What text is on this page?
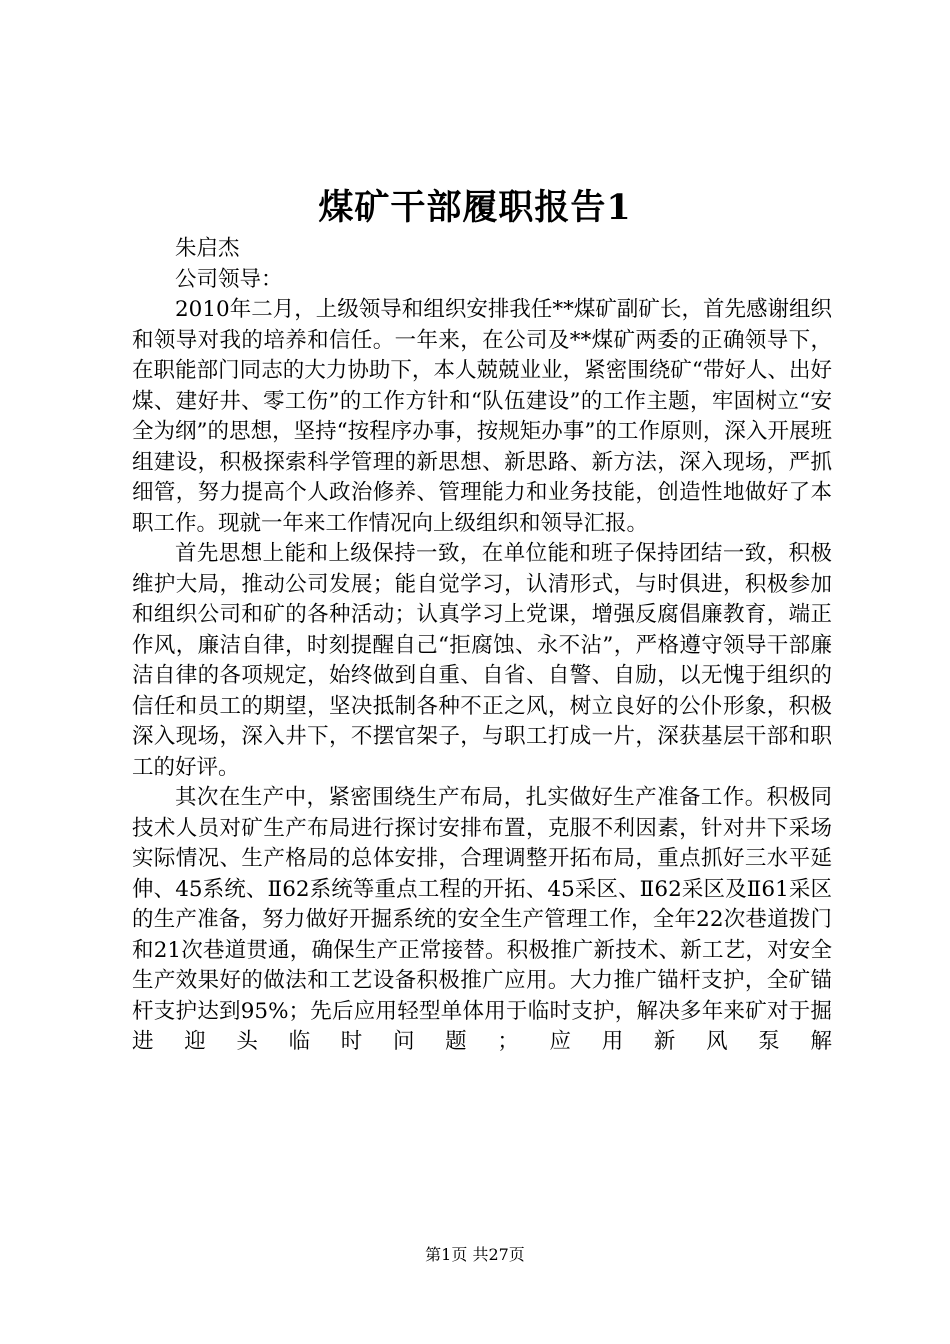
煤矿干部履职报告1

朱启杰

公司领导：

2010年二月，上级领导和组织安排我任**煤矿副矿长，首先感谢组织和领导对我的培养和信任。一年来，在公司及**煤矿两委的正确领导下，在职能部门同志的大力协助下，本人兢兢业业，紧密围绕矿“带好人、出好煤、建好井、零工伤”的工作方针和“队伍建设”的工作主题，牢固树立“安全为纲”的思想，坚持“按程序办事，按规矩办事”的工作原则，深入开展班组建设，积极探索科学管理的新思想、新思路、新方法，深入现场，严抓细管，努力提高个人政治修养、管理能力和业务技能，创造性地做好了本职工作。现就一年来工作情况向上级组织和领导汇报。

首先思想上能和上级保持一致，在单位能和班子保持团结一致，积极维护大局，推动公司发展；能自觉学习，认清形式，与时俱进，积极参加和组织公司和矿的各种活动；认真学习上党课，增强反腐倡廉教育，端正作风，廉洁自律，时刻提醒自己“拒腐蚀、永不沾”，严格遵守领导干部廉洁自律的各项规定，始终做到自重、自省、自警、自励，以无愧于组织的信任和员工的期望，坚决抵制各种不正之风，树立良好的公仆形象，积极深入现场，深入井下，不摆官架子，与职工打成一片，深获基层干部和职工的好评。

其次在生产中，紧密围绕生产布局，扎实做好生产准备工作。积极同技术人员对矿生产布局进行探讨安排布置，克服不利因素，针对井下采场实际情况、生产格局的总体安排，合理调整开拓布局，重点抓好三水平延伸、45系统、Ⅱ62系统等重点工程的开拓、45采区、Ⅱ62采区及Ⅱ61采区的生产准备，努力做好开掘系统的安全生产管理工作，全年22次巷道拨门和21次巷道贯通，确保生产正常接替。积极推广新技术、新工艺，对安全生产效果好的做法和工艺设备积极推广应用。大力推广锚杆支护，全矿锚杆支护达到95%；先后应用轻型单体用于临时支护，解决多年来矿对于掘进迎头临时问题；应用新风泵解

第1页 共27页
